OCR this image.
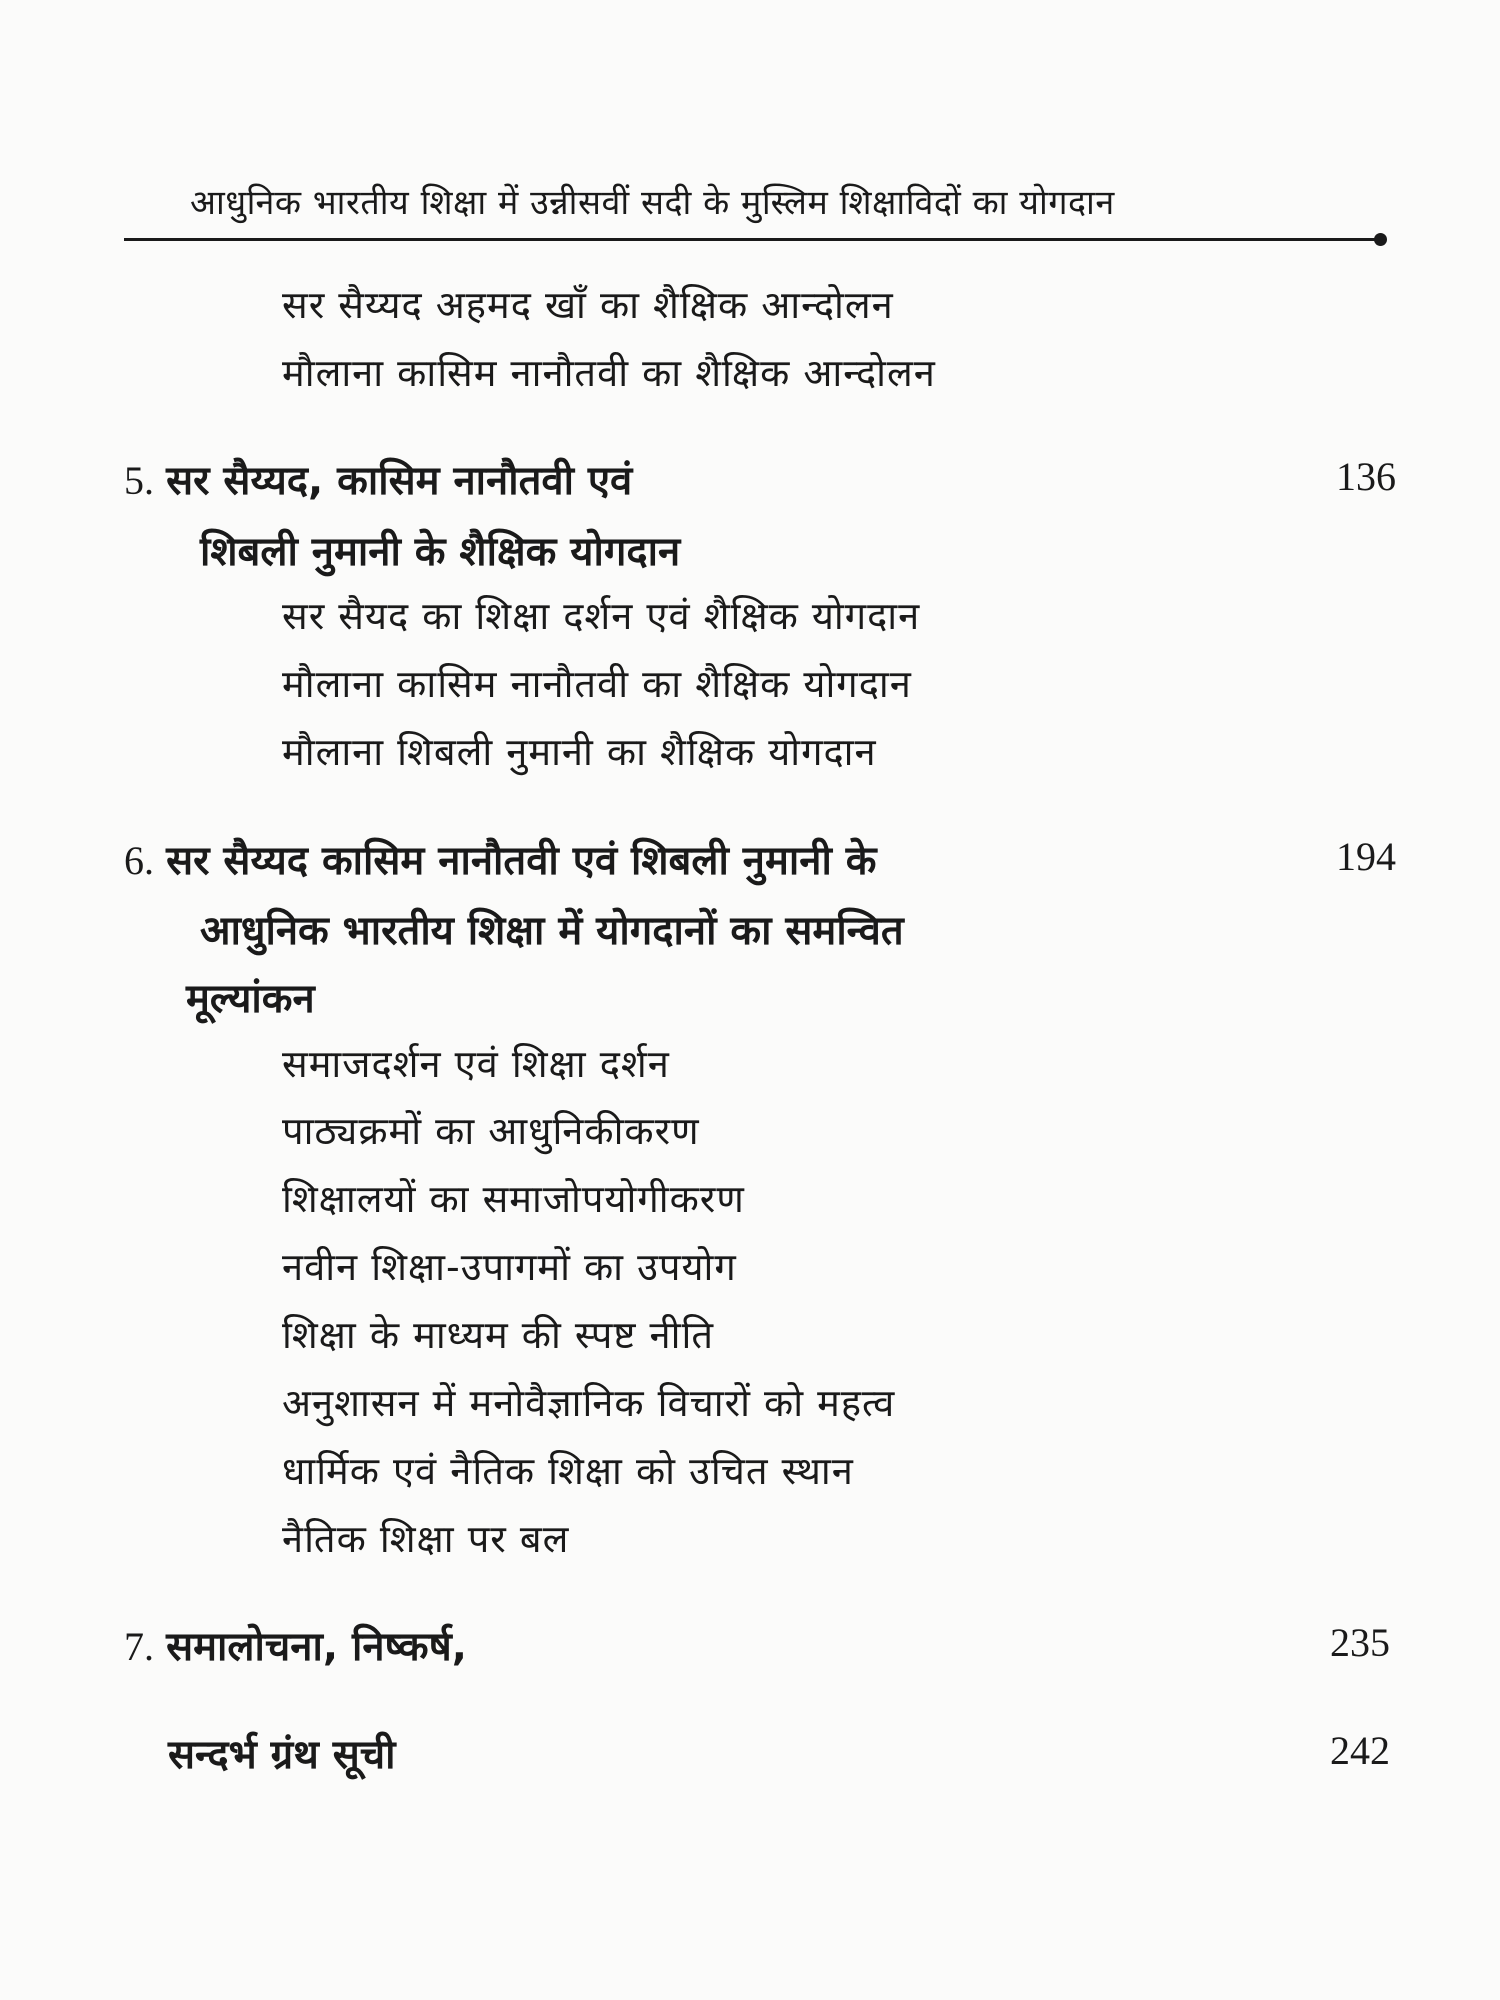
आधुनिक भारतीय शिक्षा में उन्नीसवीं सदी के मुस्लिम शिक्षाविदों का योगदान
सर सैय्यद अहमद खाँ का शैक्षिक आन्दोलन
मौलाना कासिम नानौतवी का शैक्षिक आन्दोलन
5. सर सैय्यद, कासिम नानौतवी एवं	136
शिबली नुमानी के शैक्षिक योगदान
सर सैयद का शिक्षा दर्शन एवं शैक्षिक योगदान
मौलाना कासिम नानौतवी का शैक्षिक योगदान
मौलाना शिबली नुमानी का शैक्षिक योगदान
6. सर सैय्यद कासिम नानौतवी एवं शिबली नुमानी के	194
आधुनिक भारतीय शिक्षा में योगदानों का समन्वित
मूल्यांकन
समाजदर्शन एवं शिक्षा दर्शन
पाठ्यक्रमों का आधुनिकीकरण
शिक्षालयों का समाजोपयोगीकरण
नवीन शिक्षा-उपागमों का उपयोग
शिक्षा के माध्यम की स्पष्ट नीति
अनुशासन में मनोवैज्ञानिक विचारों को महत्व
धार्मिक एवं नैतिक शिक्षा को उचित स्थान
नैतिक शिक्षा पर बल
7. समालोचना, निष्कर्ष,	235
सन्दर्भ ग्रंथ सूची	242
